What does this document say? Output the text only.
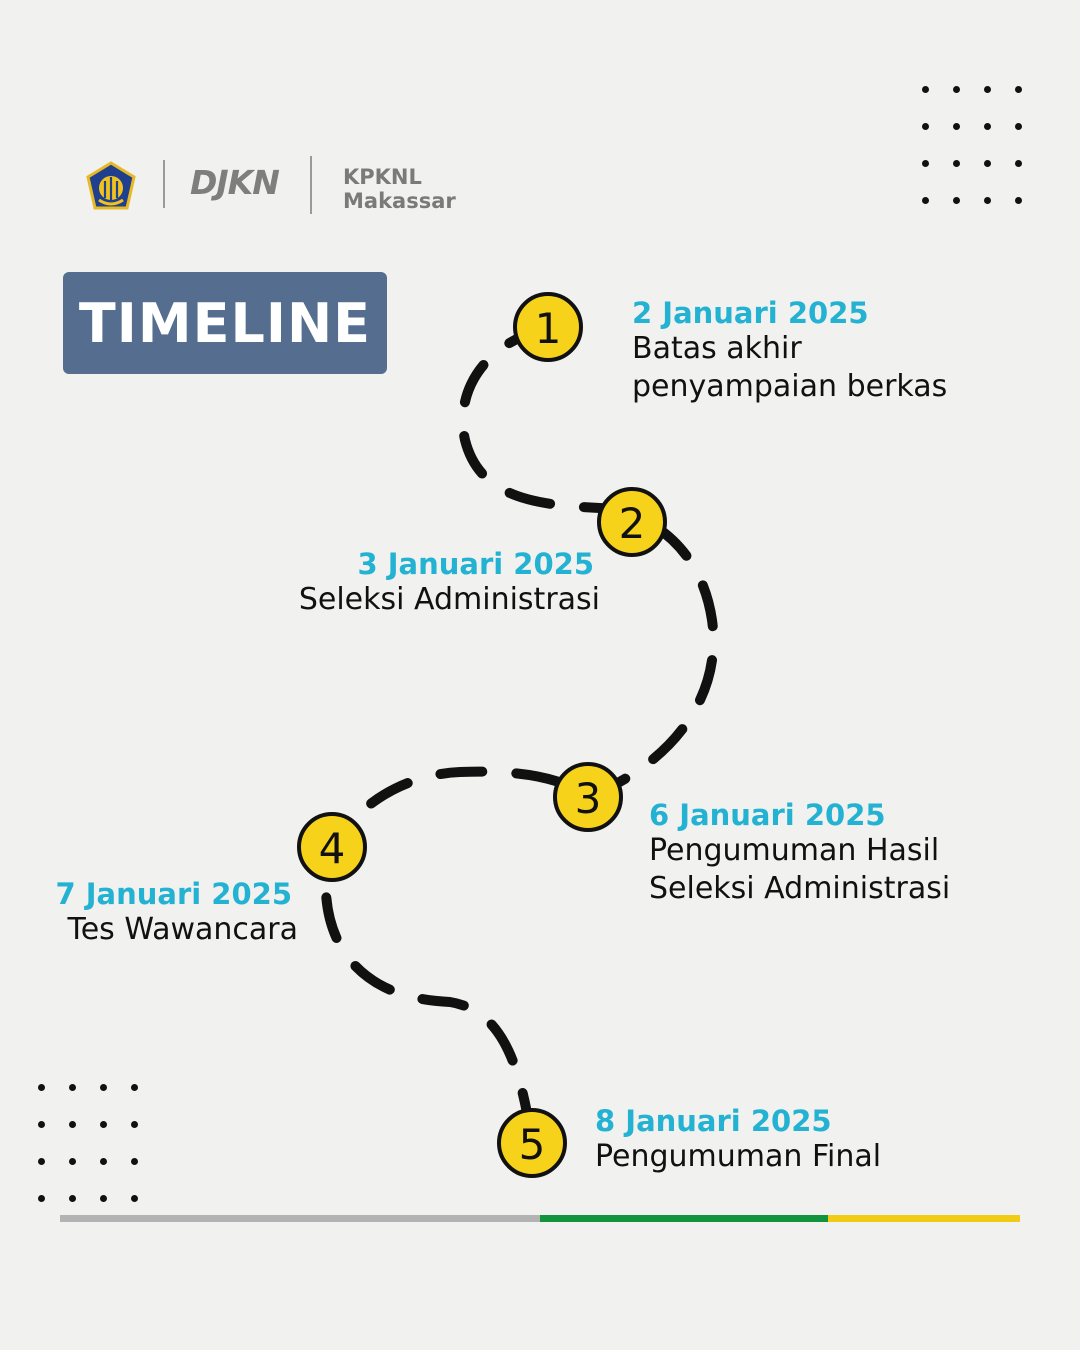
DJKN	KPKNL
Makassar
TIMELINE	1
2
3
4
5
2 Januari 2025
Batas akhir
penyampaian berkas
3 Januari 2025
Seleksi Administrasi
6 Januari 2025
Pengumuman Hasil
Seleksi Administrasi
7 Januari 2025
Tes Wawancara
8 Januari 2025
Pengumuman Final
